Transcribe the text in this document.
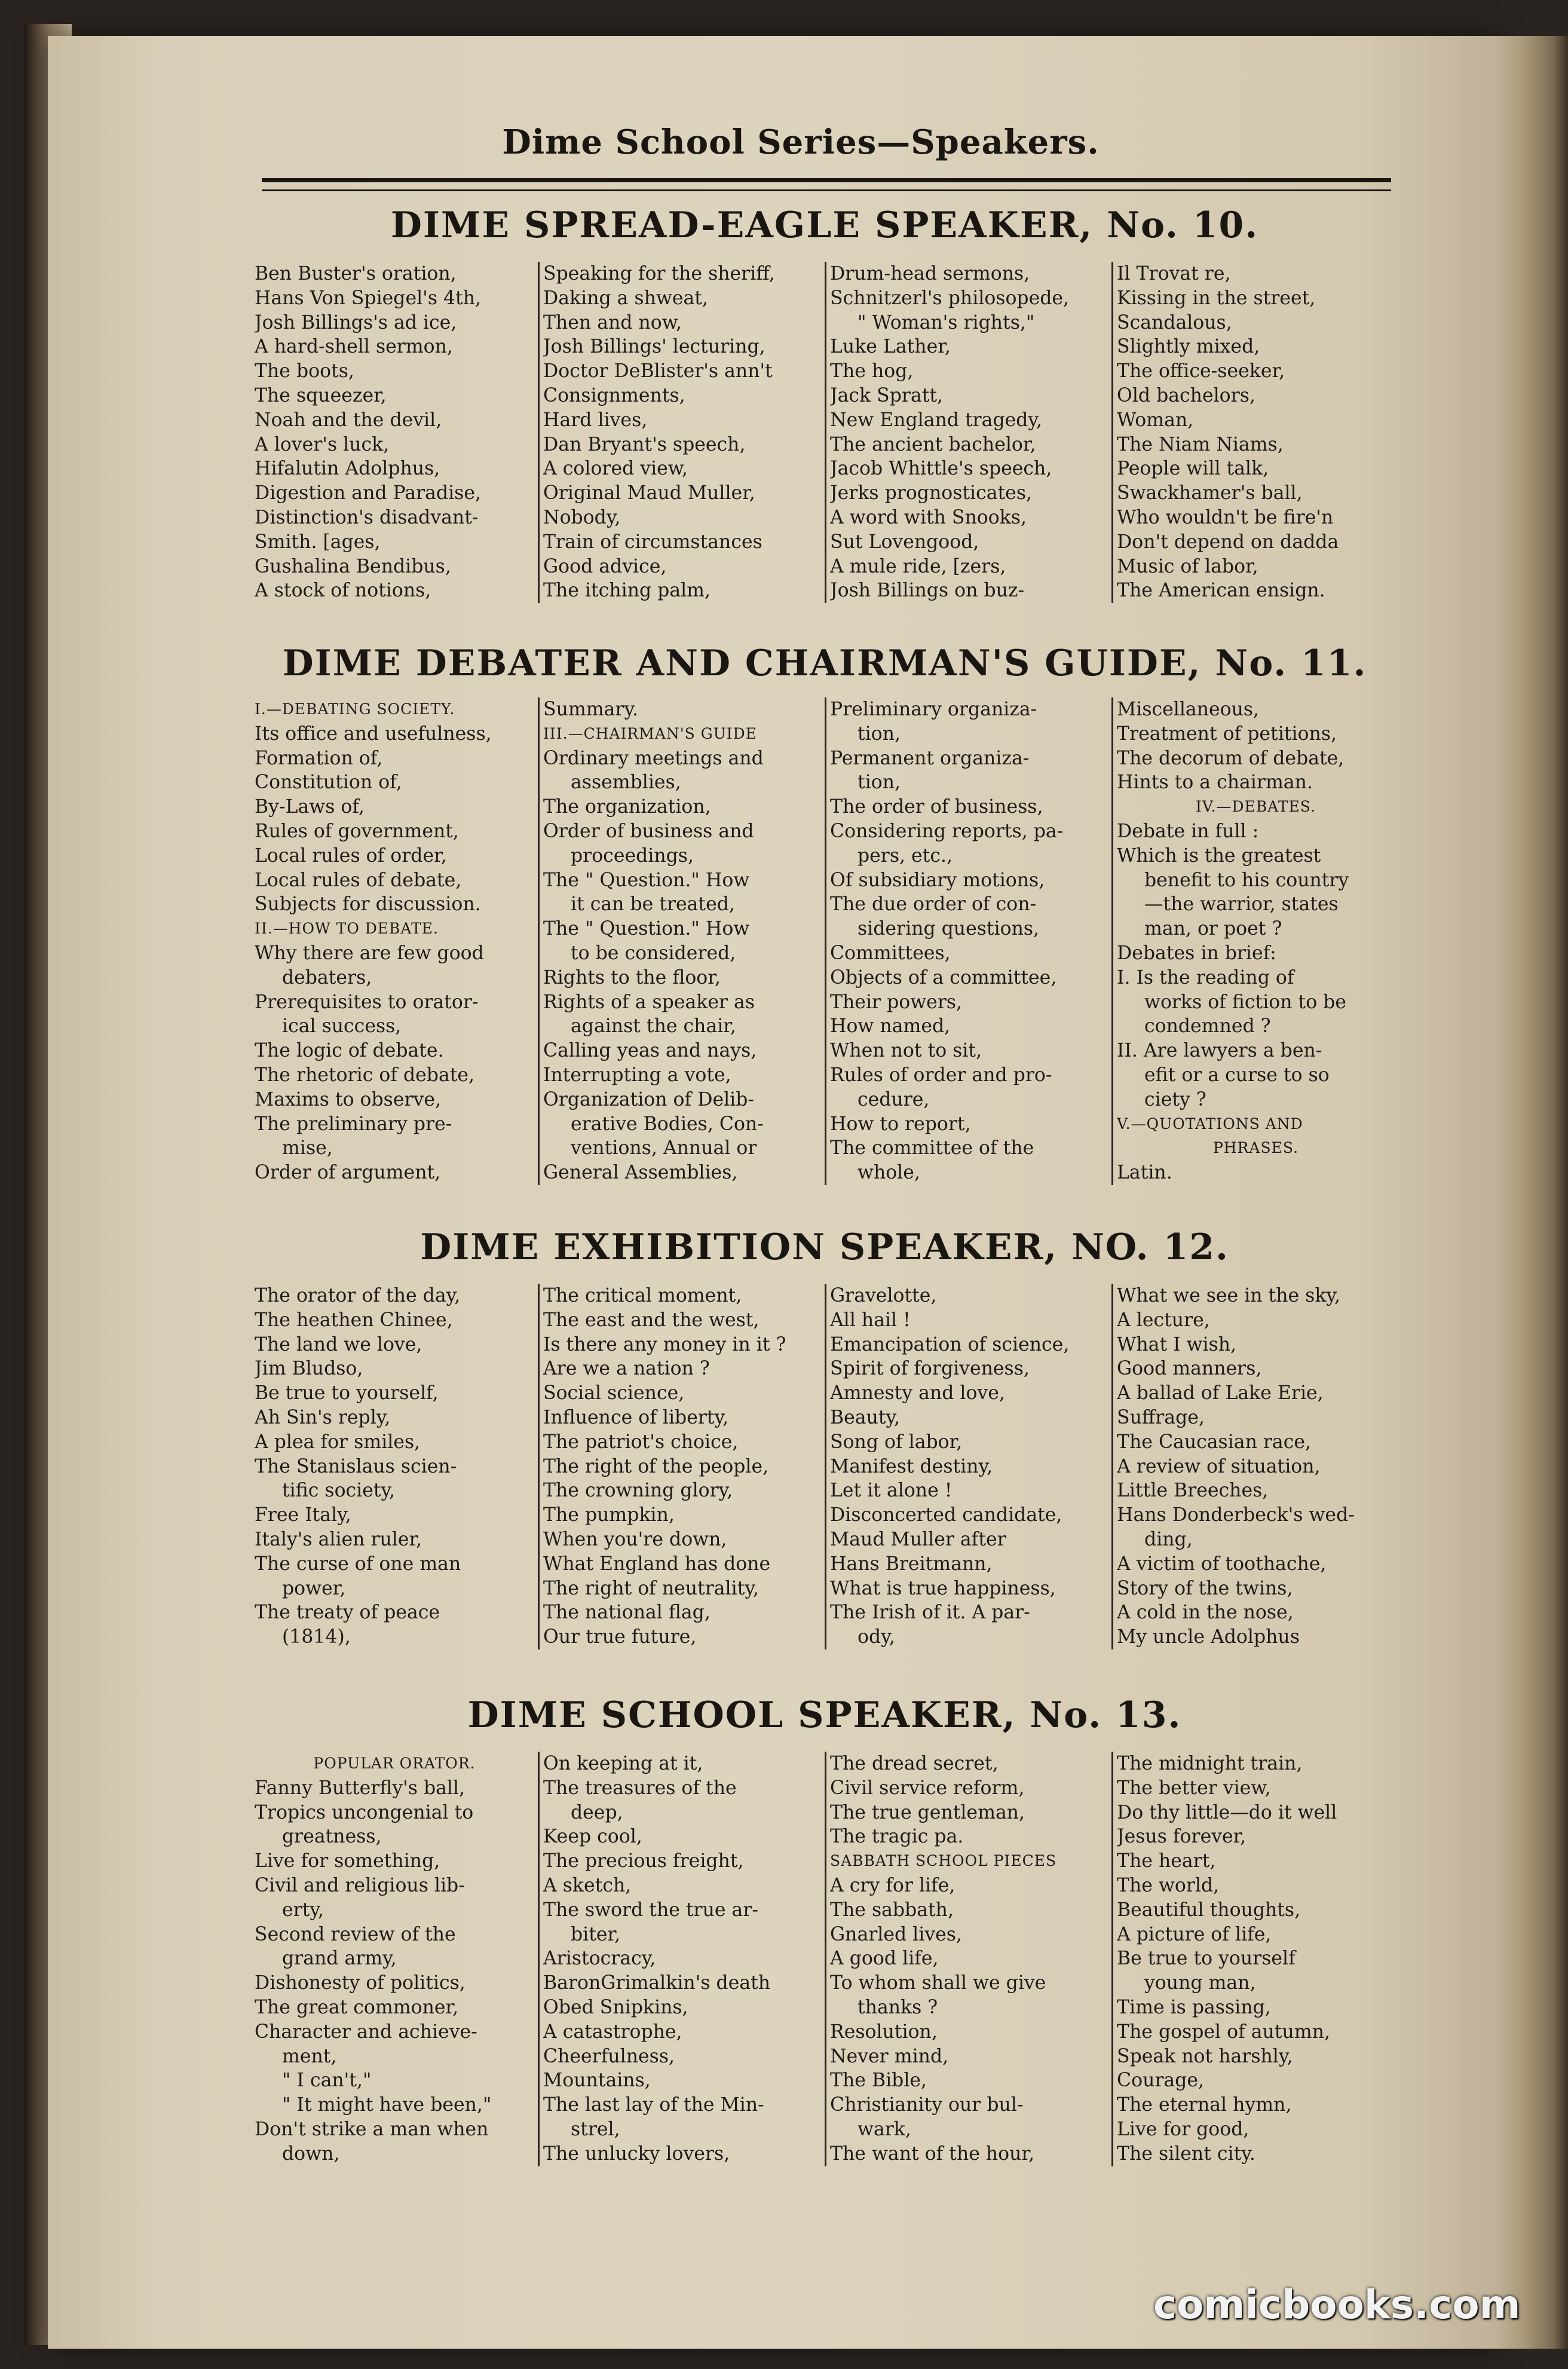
Dime School Series—Speakers.
DIME SPREAD-EAGLE SPEAKER, No. 10.
Ben Buster's oration,
Hans Von Spiegel's 4th,
Josh Billings's ad ice,
A hard-shell sermon,
The boots,
The squeezer,
Noah and the devil,
A lover's luck,
Hifalutin Adolphus,
Digestion and Paradise,
Distinction's disadvant-
Smith. [ages,
Gushalina Bendibus,
A stock of notions,
Speaking for the sheriff,
Daking a shweat,
Then and now,
Josh Billings' lecturing,
Doctor DeBlister's ann't
Consignments,
Hard lives,
Dan Bryant's speech,
A colored view,
Original Maud Muller,
Nobody,
Train of circumstances
Good advice,
The itching palm,
Drum-head sermons,
Schnitzerl's philosopede,
" Woman's rights,"
Luke Lather,
The hog,
Jack Spratt,
New England tragedy,
The ancient bachelor,
Jacob Whittle's speech,
Jerks prognosticates,
A word with Snooks,
Sut Lovengood,
A mule ride, [zers,
Josh Billings on buz-
Il Trovat re,
Kissing in the street,
Scandalous,
Slightly mixed,
The office-seeker,
Old bachelors,
Woman,
The Niam Niams,
People will talk,
Swackhamer's ball,
Who wouldn't be fire'n
Don't depend on dadda
Music of labor,
The American ensign.
DIME DEBATER AND CHAIRMAN'S GUIDE, No. 11.
I.—DEBATING SOCIETY.
Its office and usefulness,
Formation of,
Constitution of,
By-Laws of,
Rules of government,
Local rules of order,
Local rules of debate,
Subjects for discussion.
II.—HOW TO DEBATE.
Why there are few good
debaters,
Prerequisites to orator-
ical success,
The logic of debate.
The rhetoric of debate,
Maxims to observe,
The preliminary pre-
mise,
Order of argument,
Summary.
III.—CHAIRMAN'S GUIDE
Ordinary meetings and
assemblies,
The organization,
Order of business and
proceedings,
The " Question." How
it can be treated,
The " Question." How
to be considered,
Rights to the floor,
Rights of a speaker as
against the chair,
Calling yeas and nays,
Interrupting a vote,
Organization of Delib-
erative Bodies, Con-
ventions, Annual or
General Assemblies,
Preliminary organiza-
tion,
Permanent organiza-
tion,
The order of business,
Considering reports, pa-
pers, etc.,
Of subsidiary motions,
The due order of con-
sidering questions,
Committees,
Objects of a committee,
Their powers,
How named,
When not to sit,
Rules of order and pro-
cedure,
How to report,
The committee of the
whole,
Miscellaneous,
Treatment of petitions,
The decorum of debate,
Hints to a chairman.
IV.—DEBATES.
Debate in full :
Which is the greatest
benefit to his country
—the warrior, states
man, or poet ?
Debates in brief:
I. Is the reading of
works of fiction to be
condemned ?
II. Are lawyers a ben-
efit or a curse to so
ciety ?
V.—QUOTATIONS AND
PHRASES.
Latin.
DIME EXHIBITION SPEAKER, NO. 12.
The orator of the day,
The heathen Chinee,
The land we love,
Jim Bludso,
Be true to yourself,
Ah Sin's reply,
A plea for smiles,
The Stanislaus scien-
tific society,
Free Italy,
Italy's alien ruler,
The curse of one man
power,
The treaty of peace
(1814),
The critical moment,
The east and the west,
Is there any money in it ?
Are we a nation ?
Social science,
Influence of liberty,
The patriot's choice,
The right of the people,
The crowning glory,
The pumpkin,
When you're down,
What England has done
The right of neutrality,
The national flag,
Our true future,
Gravelotte,
All hail !
Emancipation of science,
Spirit of forgiveness,
Amnesty and love,
Beauty,
Song of labor,
Manifest destiny,
Let it alone !
Disconcerted candidate,
Maud Muller after
Hans Breitmann,
What is true happiness,
The Irish of it. A par-
ody,
What we see in the sky,
A lecture,
What I wish,
Good manners,
A ballad of Lake Erie,
Suffrage,
The Caucasian race,
A review of situation,
Little Breeches,
Hans Donderbeck's wed-
ding,
A victim of toothache,
Story of the twins,
A cold in the nose,
My uncle Adolphus
DIME SCHOOL SPEAKER, No. 13.
POPULAR ORATOR.
Fanny Butterfly's ball,
Tropics uncongenial to
greatness,
Live for something,
Civil and religious lib-
erty,
Second review of the
grand army,
Dishonesty of politics,
The great commoner,
Character and achieve-
ment,
" I can't,"
" It might have been,"
Don't strike a man when
down,
On keeping at it,
The treasures of the
deep,
Keep cool,
The precious freight,
A sketch,
The sword the true ar-
biter,
Aristocracy,
BaronGrimalkin's death
Obed Snipkins,
A catastrophe,
Cheerfulness,
Mountains,
The last lay of the Min-
strel,
The unlucky lovers,
The dread secret,
Civil service reform,
The true gentleman,
The tragic pa.
SABBATH SCHOOL PIECES
A cry for life,
The sabbath,
Gnarled lives,
A good life,
To whom shall we give
thanks ?
Resolution,
Never mind,
The Bible,
Christianity our bul-
wark,
The want of the hour,
The midnight train,
The better view,
Do thy little—do it well
Jesus forever,
The heart,
The world,
Beautiful thoughts,
A picture of life,
Be true to yourself
young man,
Time is passing,
The gospel of autumn,
Speak not harshly,
Courage,
The eternal hymn,
Live for good,
The silent city.
comicbooks.com
